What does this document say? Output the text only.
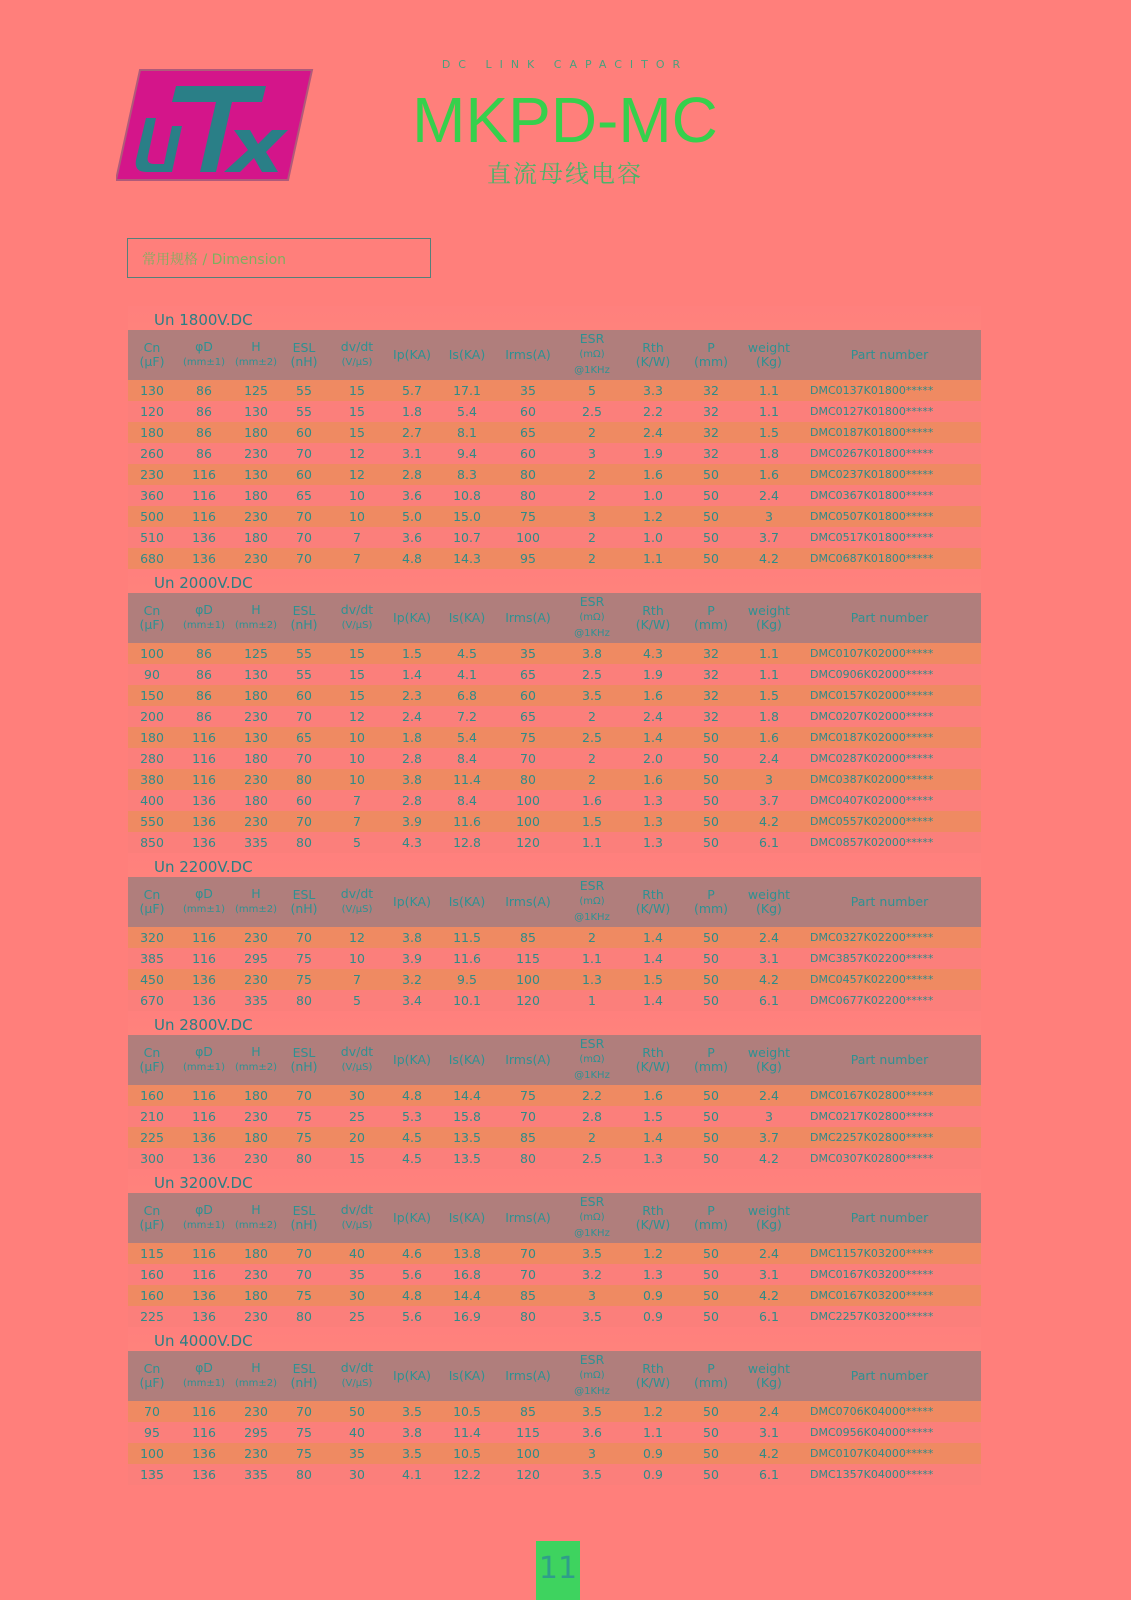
DC LINK CAPACITOR
MKPD-MC
直流母线电容
常用规格 / Dimension
Un 1800V.DC
Cn
(μF)	φD
(mm±1)	H
(mm±2)	ESL
(nH)	dv/dt
(V/μS)	Ip(KA)	Is(KA)	Irms(A)	ESR
(mΩ)
@1KHz	Rth
(K/W)	P
(mm)	weight
(Kg)	Part number
130	86	125	55	15	5.7	17.1	35	5	3.3	32	1.1	DMC0137K01800*****
120	86	130	55	15	1.8	5.4	60	2.5	2.2	32	1.1	DMC0127K01800*****
180	86	180	60	15	2.7	8.1	65	2	2.4	32	1.5	DMC0187K01800*****
260	86	230	70	12	3.1	9.4	60	3	1.9	32	1.8	DMC0267K01800*****
230	116	130	60	12	2.8	8.3	80	2	1.6	50	1.6	DMC0237K01800*****
360	116	180	65	10	3.6	10.8	80	2	1.0	50	2.4	DMC0367K01800*****
500	116	230	70	10	5.0	15.0	75	3	1.2	50	3	DMC0507K01800*****
510	136	180	70	7	3.6	10.7	100	2	1.0	50	3.7	DMC0517K01800*****
680	136	230	70	7	4.8	14.3	95	2	1.1	50	4.2	DMC0687K01800*****
Un 2000V.DC
Cn
(μF)	φD
(mm±1)	H
(mm±2)	ESL
(nH)	dv/dt
(V/μS)	Ip(KA)	Is(KA)	Irms(A)	ESR
(mΩ)
@1KHz	Rth
(K/W)	P
(mm)	weight
(Kg)	Part number
100	86	125	55	15	1.5	4.5	35	3.8	4.3	32	1.1	DMC0107K02000*****
90	86	130	55	15	1.4	4.1	65	2.5	1.9	32	1.1	DMC0906K02000*****
150	86	180	60	15	2.3	6.8	60	3.5	1.6	32	1.5	DMC0157K02000*****
200	86	230	70	12	2.4	7.2	65	2	2.4	32	1.8	DMC0207K02000*****
180	116	130	65	10	1.8	5.4	75	2.5	1.4	50	1.6	DMC0187K02000*****
280	116	180	70	10	2.8	8.4	70	2	2.0	50	2.4	DMC0287K02000*****
380	116	230	80	10	3.8	11.4	80	2	1.6	50	3	DMC0387K02000*****
400	136	180	60	7	2.8	8.4	100	1.6	1.3	50	3.7	DMC0407K02000*****
550	136	230	70	7	3.9	11.6	100	1.5	1.3	50	4.2	DMC0557K02000*****
850	136	335	80	5	4.3	12.8	120	1.1	1.3	50	6.1	DMC0857K02000*****
Un 2200V.DC
Cn
(μF)	φD
(mm±1)	H
(mm±2)	ESL
(nH)	dv/dt
(V/μS)	Ip(KA)	Is(KA)	Irms(A)	ESR
(mΩ)
@1KHz	Rth
(K/W)	P
(mm)	weight
(Kg)	Part number
320	116	230	70	12	3.8	11.5	85	2	1.4	50	2.4	DMC0327K02200*****
385	116	295	75	10	3.9	11.6	115	1.1	1.4	50	3.1	DMC3857K02200*****
450	136	230	75	7	3.2	9.5	100	1.3	1.5	50	4.2	DMC0457K02200*****
670	136	335	80	5	3.4	10.1	120	1	1.4	50	6.1	DMC0677K02200*****
Un 2800V.DC
Cn
(μF)	φD
(mm±1)	H
(mm±2)	ESL
(nH)	dv/dt
(V/μS)	Ip(KA)	Is(KA)	Irms(A)	ESR
(mΩ)
@1KHz	Rth
(K/W)	P
(mm)	weight
(Kg)	Part number
160	116	180	70	30	4.8	14.4	75	2.2	1.6	50	2.4	DMC0167K02800*****
210	116	230	75	25	5.3	15.8	70	2.8	1.5	50	3	DMC0217K02800*****
225	136	180	75	20	4.5	13.5	85	2	1.4	50	3.7	DMC2257K02800*****
300	136	230	80	15	4.5	13.5	80	2.5	1.3	50	4.2	DMC0307K02800*****
Un 3200V.DC
Cn
(μF)	φD
(mm±1)	H
(mm±2)	ESL
(nH)	dv/dt
(V/μS)	Ip(KA)	Is(KA)	Irms(A)	ESR
(mΩ)
@1KHz	Rth
(K/W)	P
(mm)	weight
(Kg)	Part number
115	116	180	70	40	4.6	13.8	70	3.5	1.2	50	2.4	DMC1157K03200*****
160	116	230	70	35	5.6	16.8	70	3.2	1.3	50	3.1	DMC0167K03200*****
160	136	180	75	30	4.8	14.4	85	3	0.9	50	4.2	DMC0167K03200*****
225	136	230	80	25	5.6	16.9	80	3.5	0.9	50	6.1	DMC2257K03200*****
Un 4000V.DC
Cn
(μF)	φD
(mm±1)	H
(mm±2)	ESL
(nH)	dv/dt
(V/μS)	Ip(KA)	Is(KA)	Irms(A)	ESR
(mΩ)
@1KHz	Rth
(K/W)	P
(mm)	weight
(Kg)	Part number
70	116	230	70	50	3.5	10.5	85	3.5	1.2	50	2.4	DMC0706K04000*****
95	116	295	75	40	3.8	11.4	115	3.6	1.1	50	3.1	DMC0956K04000*****
100	136	230	75	35	3.5	10.5	100	3	0.9	50	4.2	DMC0107K04000*****
135	136	335	80	30	4.1	12.2	120	3.5	0.9	50	6.1	DMC1357K04000*****
11
